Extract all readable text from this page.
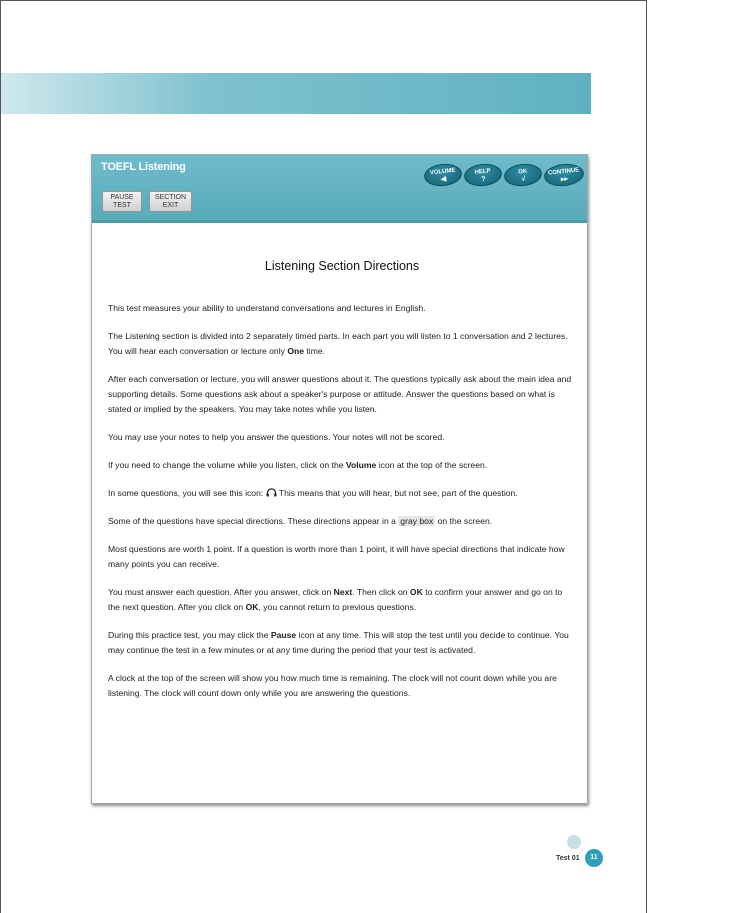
TOEFL Listening
PAUSE
TEST
SECTION
EXIT
VOLUME
◀
HELP
?
OK
√
CONTINUE
▸▸
Listening Section Directions

This test measures your ability to understand conversations and lectures in English.

The Listening section is divided into 2 separately timed parts. In each part you will listen to 1 conversation and 2 lectures. You will hear each conversation or lecture only One time.

After each conversation or lecture, you will answer questions about it. The questions typically ask about the main idea and supporting details. Some questions ask about a speaker's purpose or attitude. Answer the questions based on what is stated or implied by the speakers. You may take notes while you listen.

You may use your notes to help you answer the questions. Your notes will not be scored.

If you need to change the volume while you listen, click on the Volume icon at the top of the screen.

In some questions, you will see this icon:  This means that you will hear, but not see, part of the question.

Some of the questions have special directions. These directions appear in a gray box on the screen.

Most questions are worth 1 point. If a question is worth more than 1 point, it will have special directions that indicate how many points you can receive.

You must answer each question. After you answer, click on Next. Then click on OK to confirm your answer and go on to the next question. After you click on OK, you cannot return to previous questions.

During this practice test, you may click the Pause icon at any time. This will stop the test until you decide to continue. You may continue the test in a few minutes or at any time during the period that your test is activated.

A clock at the top of the screen will show you how much time is remaining. The clock will not count down while you are listening. The clock will count down only while you are answering the questions.

Test 01	11
